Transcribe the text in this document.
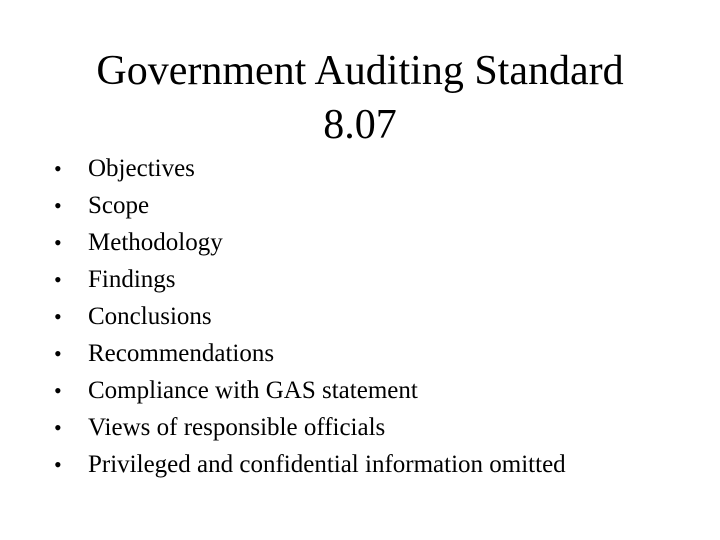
Government Auditing Standard
8.07
•	Objectives
•	Scope
•	Methodology
•	Findings
•	Conclusions
•	Recommendations
•	Compliance with GAS statement
•	Views of responsible officials
•	Privileged and confidential information omitted
